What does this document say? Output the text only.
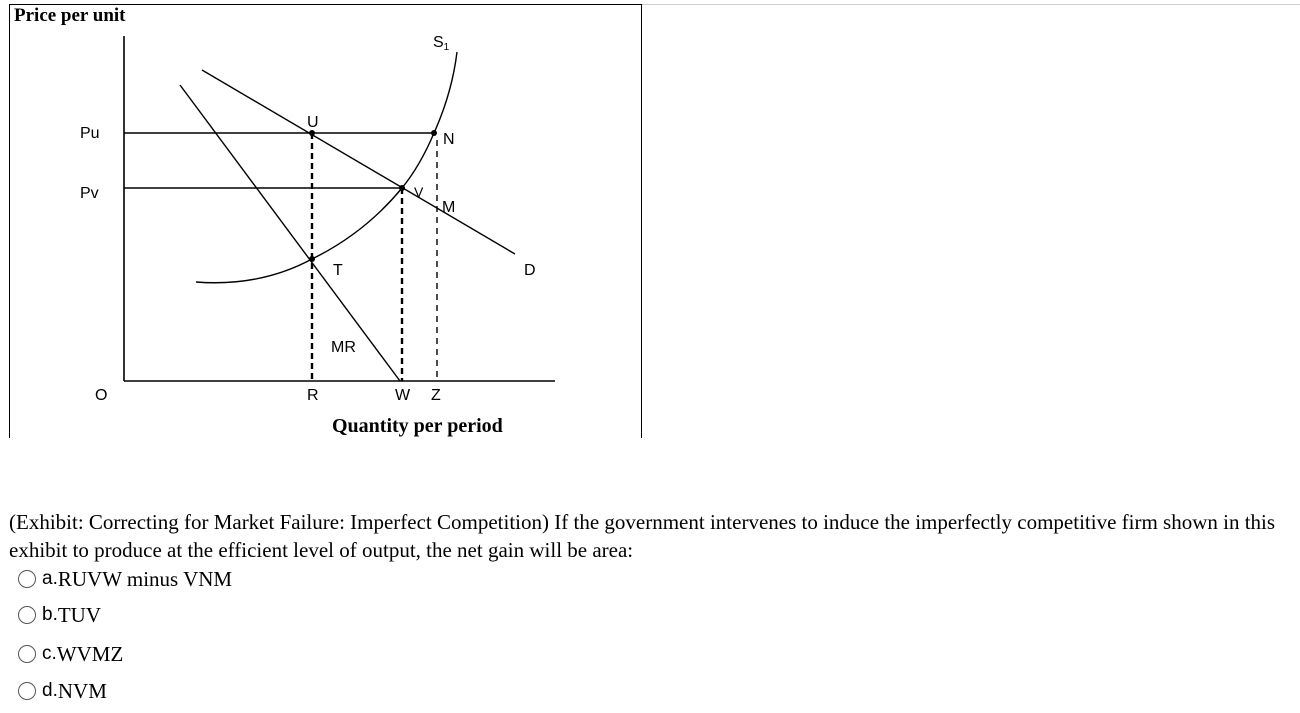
Price per unit
Quantity per period
Pu
Pv
U
N
V
M
T
S1
D
MR
O	R	W Z
(Exhibit: Correcting for Market Failure: Imperfect Competition) If the government intervenes to induce the imperfectly competitive firm shown in this exhibit to produce at the efficient level of output, the net gain will be area:
a. RUVW minus VNM
b. TUV
c. WVMZ
d. NVM
